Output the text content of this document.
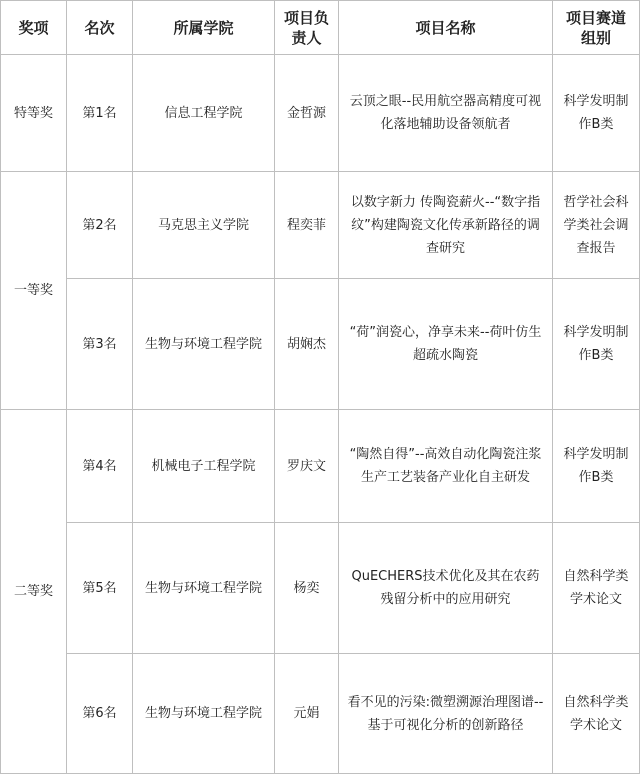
奖项	名次	所属学院	项目负责人	项目名称	项目赛道组别
特等奖	第1名	信息工程学院	金哲源	云顶之眼--民用航空器高精度可视化落地辅助设备领航者	科学发明制作B类
一等奖	第2名	马克思主义学院	程奕菲	以数字新力 传陶瓷薪火--“数字指纹”构建陶瓷文化传承新路径的调查研究	哲学社会科学类社会调查报告
	第3名	生物与环境工程学院	胡娴杰	“荷”润瓷心，净享未来--荷叶仿生超疏水陶瓷	科学发明制作B类
二等奖	第4名	机械电子工程学院	罗庆文	“陶然自得”--高效自动化陶瓷注浆生产工艺装备产业化自主研发	科学发明制作B类
	第5名	生物与环境工程学院	杨奕	QuECHERS技术优化及其在农药残留分析中的应用研究	自然科学类学术论文
	第6名	生物与环境工程学院	元娟	看不见的污染:微塑溯源治理图谱--基于可视化分析的创新路径	自然科学类学术论文
